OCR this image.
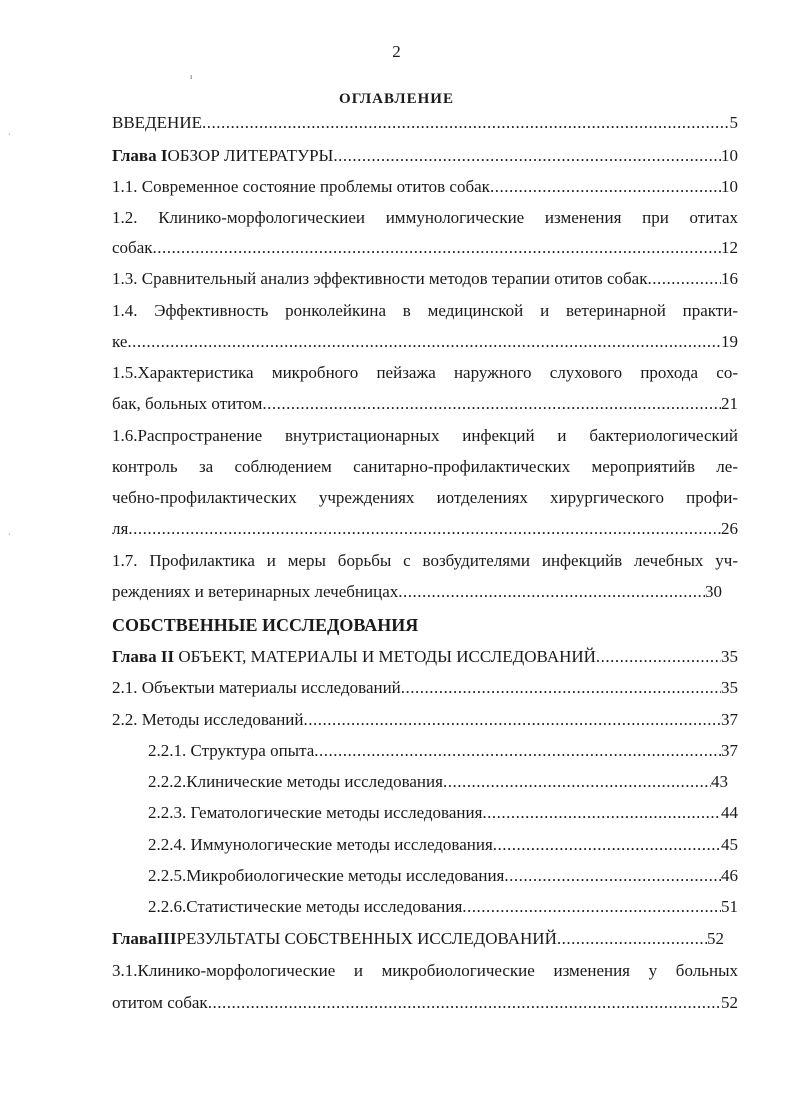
2
ı
·
·
ОГЛАВЛЕНИЕ
ВВЕДЕНИЕ .....	5
Глава IОБЗОР ЛИТЕРАТУРЫ .....	10
1.1. Современное состояние проблемы отитов собак .....	10
1.2. Клинико-морфологическиеи иммунологические изменения при отитах
собак .....	12
1.3. Сравнительный анализ эффективности методов терапии отитов собак .....	16
1.4. Эффективность ронколейкина в медицинской и ветеринарной практи-
ке .....	19
1.5.Характеристика микробного пейзажа наружного слухового прохода со-
бак, больных отитом .....	21
1.6.Распространение внутристационарных инфекций и бактериологический
контроль за соблюдением санитарно-профилактических мероприятийв ле-
чебно-профилактических учреждениях иотделениях хирургического профи-
ля .....	26
1.7. Профилактика и меры борьбы с возбудителями инфекцийв лечебных уч-
реждениях и ветеринарных лечебницах .....	30
СОБСТВЕННЫЕ ИССЛЕДОВАНИЯ
Глава II ОБЪЕКТ, МАТЕРИАЛЫ И МЕТОДЫ ИССЛЕДОВАНИЙ .....	35
2.1. Объектыи материалы исследований .....	35
2.2. Методы исследований .....	37
2.2.1. Структура опыта .....	37
2.2.2.Клинические методы исследования .....	43
2.2.3. Гематологические методы исследования .....	44
2.2.4. Иммунологические методы исследования .....	45
2.2.5.Микробиологические методы исследования .....	46
2.2.6.Статистические методы исследования .....	51
ГлаваIIIРЕЗУЛЬТАТЫ СОБСТВЕННЫХ ИССЛЕДОВАНИЙ .....	52
3.1.Клинико-морфологические и микробиологические изменения у больных
отитом собак .....	52
